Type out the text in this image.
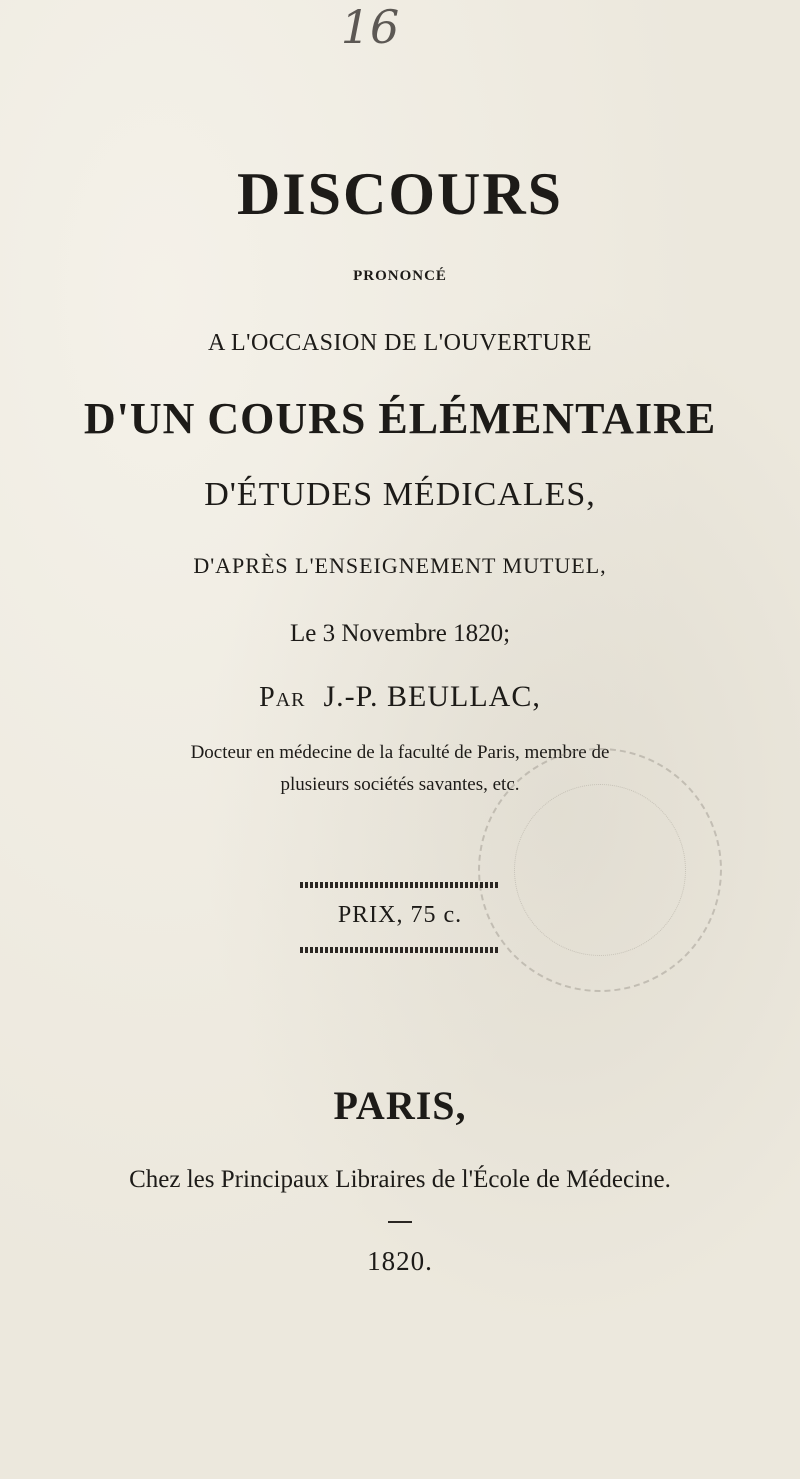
16
DISCOURS
PRONONCÉ
A L'OCCASION DE L'OUVERTURE
D'UN COURS ÉLÉMENTAIRE
D'ÉTUDES MÉDICALES,
D'APRÈS L'ENSEIGNEMENT MUTUEL,
Le 3 Novembre 1820;
Par J.-P. BEULLAC,
Docteur en médecine de la faculté de Paris, membre de
plusieurs sociétés savantes, etc.
PRIX, 75 c.
PARIS,
Chez les Principaux Libraires de l'École de Médecine.
1820.
